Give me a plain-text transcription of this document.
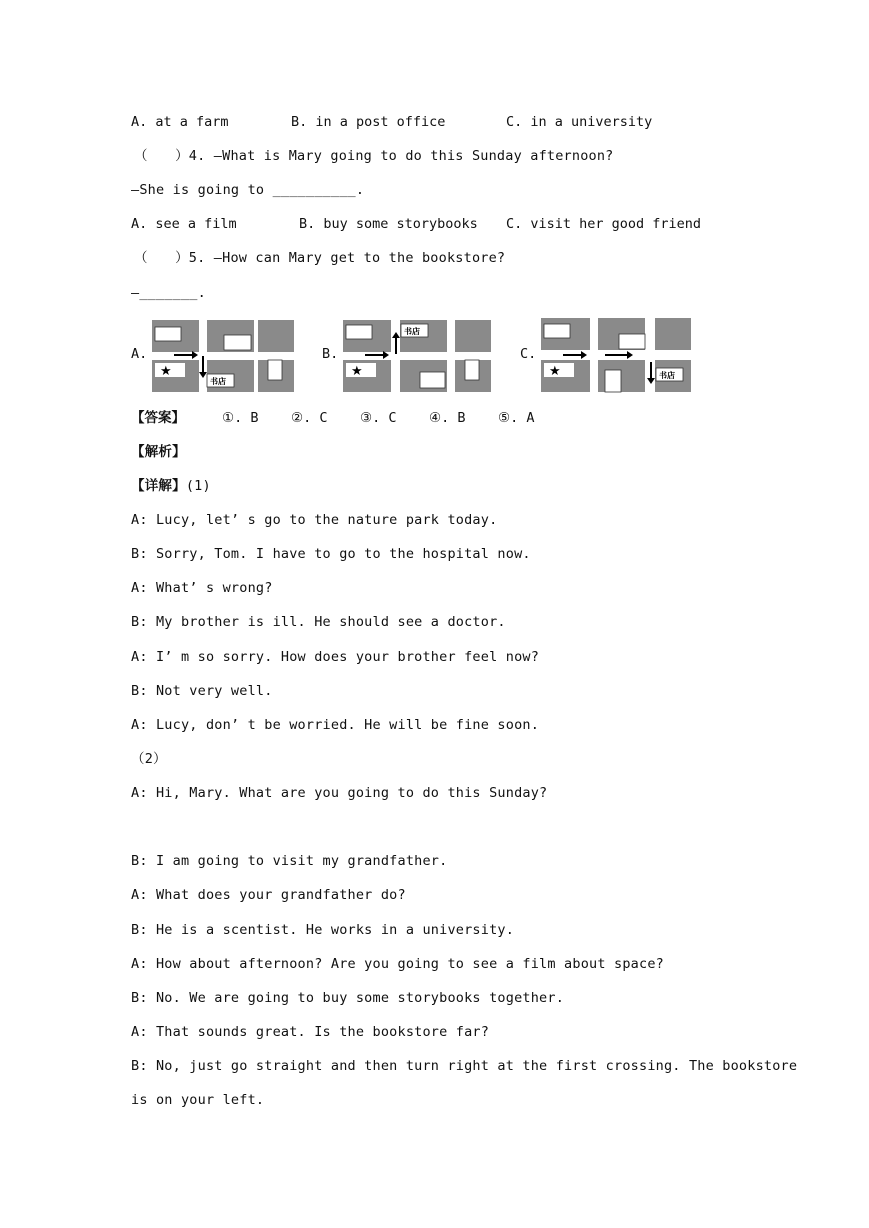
A. at a farm	B. in a post office	C. in a university
（　　）4. —What is Mary going to do this Sunday afternoon?
—She is going to __________.
A. see a film	B. buy some storybooks C. visit her good friend
（　　）5. —How can Mary get to the bookstore?
—_______.
A.
★
书店
B.
书店
★
C.
★	书店
【答案】	①. B ②. C ③. C ④. B ⑤. A
【解析】
【详解】(1)
A: Lucy, let’ s go to the nature park today.
B: Sorry, Tom. I have to go to the hospital now.
A: What’ s wrong?
B: My brother is ill. He should see a doctor.
A: I’ m so sorry. How does your brother feel now?
B: Not very well.
A: Lucy, don’ t be worried. He will be fine soon.
（2）
A: Hi, Mary. What are you going to do this Sunday?
B: I am going to visit my grandfather.
A: What does your grandfather do?
B: He is a scentist. He works in a university.
A: How about afternoon? Are you going to see a film about space?
B: No. We are going to buy some storybooks together.
A: That sounds great. Is the bookstore far?
B: No, just go straight and then turn right at the first crossing. The bookstore
is on your left.
